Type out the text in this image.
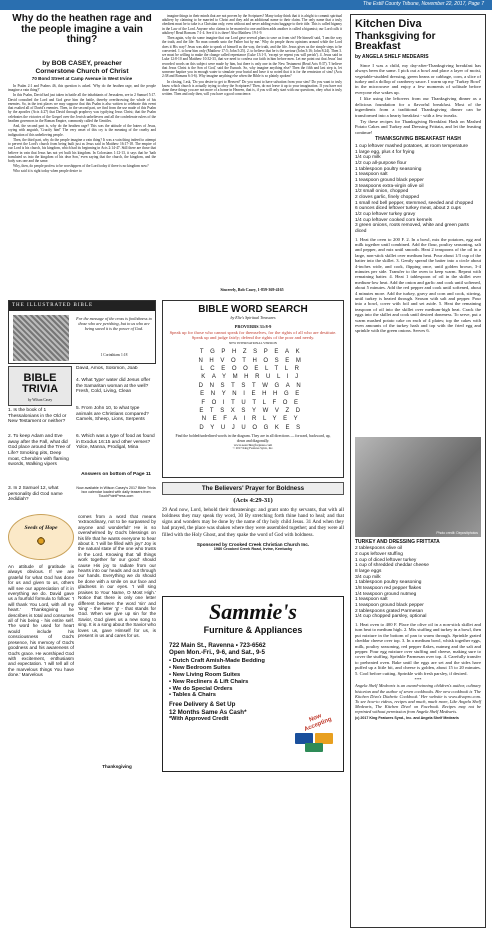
The Estill County Tribune, November 22, 2017, Page 7
Why do the heathen rage and the people imagine a vain thing?
by BOB CASEY, preacher
Cornerstone Church of Christ
70 Bond Street at Camp Avenue in West Irvine

In Psalm 2:1 and Psalms 46, this question is asked. 'Why do the heathen rage, and the people imagine a vain thing?'

In this Psalm, David had just taken in battle all the inhabitants of Jerusalem, see in 2 Samuel 5:17. David consulted the Lord and God gave him the battle, thereby overthrowing the whole of his enemies. So, in the text places we may suppose that this Psalm is also written to celebrate this event that exalted all of David's enemies. Then, in the second part, we find from the use made of this Psalm by the apostles (Acts 4:27) that David through prophecy was typifying Jesus Christ; that the Psalm celebrates the victories of the Gospel over the Jewish unbelievers and all the confederate rulers of the heathen governors in the Roman Empire, commonly called the Gentiles.

And, the second part is, why do the heathen rage? This was the attitude of the haters of Jesus, crying with anguish, 'Crucify him!' The very onset of this cry is the meaning of the cruelty and indignation of this unbelieving people.

Then, the third part, why do the people imagine a vain thing? It was a vain thing indeed to attempt to pervert the Lord's church from being built just as Jesus said in Matthew 16:17-18. The empire of our Lord is his church, his kingdom, which had its beginning in Acts 2:14-47. Still there are those that believe in vain that Jesus has not yet built his kingdom. In Colossians 1:12-13, it says that he 'hath translated us into the kingdom of his dear Son,' even saying that the church, the kingdom, and the body was one and the same.

Why, then, do people profess to be worshippers of the Lord today if there is no kingdom now?

Who said it is right today when people desire to

imagine things in their minds that are not proven by the Scriptures? Many today think that it is alright to commit spiritual adultery by claiming to be married to Christ and they add an additional name to their claim. The only name that a truly obedient must be to take is a Christian only, even without and never adding extra baggage to their title. This is called bigamy in the Law of the Lord. Anyone who claims to be married to one and then adds another is called a bigamist; our Lord calls it adultery! Read Romans 7:1-4. See if it is there! Also Matthew 19:1-9.

Then again, why do some imagine that our Lord gave several plans to save us from sin? He himself said, 'I am the way the truth, and the life: No man cometh unto the Father but by me.' Why do people throw opinions around while the Lord does it His way? Jesus was able to speak of himself as the way, the truth, and the life. Jesus gives us the simple steps to be converted. 1. to hear him only (Matthew 17:5; John 5:25). 2. to believe that he is the saviour (John 3:16; John 8:24). Then 3. we must be willing to make the change called repentance (Luke 13:1-5, 'except ye repent you will perish'). 4. Jesus said in Luke 12:8-10 and Matthew 10:32-33, that we need to confess our faith in him before men. Let me point out that Jesus' last recorded words on this subject were made by him, but there is only one in the New Testament (Read Acts 8:37). 'I believe that Jesus Christ is the Son of God,' said the Eunuch. So, why imagine anything else? Then the fifth and last step is, let someone baptize you in enough water to simulate your burial and have it so noted that it is for the remission of sins! (Acts 2:38 and Romans 6:3-6). Why imagine anything else when the Bible is so plainly spoken?

In closing, I ask, 'Do you desire to get to Heaven?' Do you want to have salvation from your sins? Do you want to truly know which church is actually trying to obey the Scriptures? Then, do not leave it up to your imagination. If you have not done these things you are not more of a home in Heaven, that is, if you will only start with our questions, obey what is truly written. Then and only then, will you have a good conscience.

Sincerely, Bob Casey, 1-859-369-4165
THE ILLUSTRATED BIBLE
For the message of the cross is foolishness to those who are perishing, but to us who are being saved it is the power of God.
1 Corinthians 1:18
BIBLE TRIVIA
by Wilson Casey
1. Is the book of 1 Thessalonians in the Old or New Testament or neither?
2. To keep Adam and Eve away after the Fall, what did God place around the Tree of Life? Smoking pits, Deep moat, Cherubim with flaming swords, Walking vipers
3. In 2 Samuel 12, what personality did God name Jedidiah?
David, Amos, Solomon, Joab
4. What 'type' water did Jesus offer the Samaritan woman at the well? Fresh, Cold, Living, Clean
5. From John 10, to what type animals are Christians compared? Camels, Sheep, Lions, Serpents
6. Which was a type of food as found in Exodus 16:15 and other verses? Yolce, Manna, Prodigal, Mina
Answers on bottom of Page 11
Now available in Wilson Casey's 2017 Bible Trivia box calendar loaded with daily teasers from TouchPointPress.com
Seeds of Hope
An attitude of gratitude is always obvious. If we are grateful for what God has done for us and given to us, others will see our appreciation of it in everything we do. David gave us a fourfold formula to follow: 'I will thank You Lord, with all my heart.' Thanksgiving he describes is total and consumes all of his being - his entire self. The word he used for heart would include his consciousness of God's presence, his memory of God's goodness and his awareness of God's grace. He worshiped God with excitement, enthusiasm and expectation. 'I will tell all of the marvelous things You have done.' Marvelous
comes from a word that means 'extraordinary, not to be surpassed by anyone and wonderful!' He is so overwhelmed by God's blessings on his life that he wants everyone to hear about it. 'I will be filled with joy!' Joy is the natural state of the one who trusts in the Lord. Knowing that 'all things work together for our good' should cause His joy to radiate from our hearts into our heads and out through our hands. Everything we do should be done with a smile on our face and gladness in our eyes. 'I will sing praises to Your Name, O Most High.' Notice that there is only one letter different between the word 'sin' and 'sing' - the letter 'g' - that stands for God. When we give up sin for the Savior, God gives us a new song to sing. It is a song about the Savior who loves us, gave Himself for us, is present in us and cares for us.
Thanksgiving
BIBLE WORD SEARCH
by Elie's Spiritual Treasures
PROVERBS 31:8-9
Speak up for those who cannot speak for themselves, for the rights of all who are destitute. Speak up and judge fairly; defend the rights of the poor and needy.
NEW INTERNATIONAL VERSION
TGPHZSPEAK
NHVOTHOSEM
LCEOOELTLR
KAYMHRULIJ
DNSTSTWGAN
ENYNIEHHGE
FOITUTLFOE
ETSXSYWVZD
NEFAIRLYEY
DYUJUOGKES
Find the bolded/underlined words in the diagram. They are in all directions — forward, backward, up, down and diagonally.
www.searchingforjesus.com
© 2017 King Features Synd., Inc.
The Believers' Prayer for Boldness
(Acts 4:29-31)
29 And now, Lord, behold their threatenings: and grant unto thy servants, that with all boldness they may speak thy word, 30 By stretching forth thine hand to heal; and that signs and wonders may be done by the name of thy holy child Jesus. 31 And when they had prayed, the place was shaken where they were assembled together; and they were all filled with the Holy Ghost, and they spake the word of God with boldness.
Sponsored by Crooked Creek Christian Church Inc.
1980 Crooked Creek Road, Irvine, Kentucky
Sammie's
Furniture & Appliances
722 Main St., Ravenna • 723-6562
Open Mon.-Fri., 9-6, and Sat., 9-5
• Dutch Craft Amish-Made Bedding
• New Bedroom Suites
• New Living Room Suites
• New Recliners & Lift Chairs
• We do Special Orders
• Tables & Chairs
Free Delivery & Set Up
12 Months Same As Cash*
*With Approved Credit	Now Accepting
Kitchen Diva
Thanksgiving for Breakfast
by ANGELA SHELF MEDEARIS

Since I was a child, my day-after-Thanksgiving breakfast has always been the same. I pick out a bowl and place a layer of moist, vegetable-studded dressing, green beans or cabbage, corn, a slice of turkey and a dollop of cranberry sauce. I warm up my 'Turkey Bowl' in the microwave and enjoy a few moments of solitude before everyone else wakes up.

I like using the leftovers from our Thanksgiving dinner as a delicious foundation for a flavorful breakfast. Most of the ingredients from a traditional Thanksgiving dinner can be transformed into a hearty breakfast - with a few tweaks.

Try these recipes for Thanksgiving Breakfast Hash on Mashed Potato Cakes and Turkey and Dressing Frittata, and let the feasting continue!

THANKSGIVING BREAKFAST HASH
1 cup leftover mashed potatoes, at room temperature
1 large egg, plus 4 for frying
1/4 cup milk
1/2 cup all-purpose flour
1 tablespoon poultry seasoning
1 teaspoon salt
1 teaspoon ground black pepper
3 teaspoons extra-virgin olive oil
1/2 small onion, chopped
2 cloves garlic, finely chopped
1 small red bell pepper, stemmed, seeded and chopped
6 ounces diced leftover turkey meat, about 2 cups
1/2 cup leftover turkey gravy
1/4 cup leftover cooked corn kernels
3 green onions, roots removed, white and green parts diced
1. Heat the oven to 200 F. 2. In a bowl, mix the potatoes, egg and milk together until combined. Add the flour, poultry seasoning, salt and pepper, and mix until smooth. Heat 2 teaspoons of the oil in a large, non-stick skillet over medium heat. Pour about 1/3 cup of the batter into the skillet. 3. Gently spread the batter into a circle about 4-inches wide, and cook, flipping once, until golden brown, 3-4 minutes per side. Transfer to the oven to keep warm. Repeat with remaining batter. 4. Heat 1 tablespoon of oil in the skillet over medium-low heat. Add the onion and garlic and cook until softened, about 5 minutes. Add the red pepper and cook until softened, about 4 minutes more. Add the turkey, gravy and corn and cook, stirring, until turkey is heated through. Season with salt and pepper. Pour into a bowl, cover with foil and set aside. 5. Heat the remaining teaspoon of oil into the skillet over medium-high heat. Crack the eggs into the skillet and cook until desired doneness. To serve, put a warm mashed potato cake on each of 4 plates; top the cakes with even amounts of the turkey hash and top with the fried egg and sprinkle with the green onions. Serves 6.
Photo credit: Depositphotos
TURKEY AND DRESSING FRITTATA
2 tablespoons olive oil
2 cups leftover stuffing
1 cup of diced leftover turkey
1 cup of shredded cheddar cheese
8 large eggs
3/4 cup milk
1 tablespoon poultry seasoning
1/8 teaspoon red pepper flakes
1/4 teaspoon ground nutmeg
1 teaspoon salt
1 teaspoon ground black pepper
2 tablespoons grated Parmesan
1/4 cup chopped parsley, optional
1. Heat oven to 400 F. Place the olive oil in a non-stick skillet and turn heat to medium high. 2. Mix stuffing and turkey in a bowl, then put mixture in the bottom of pan to warm through. Sprinkle grated cheddar cheese over top. 3. In a medium bowl, whisk together eggs, milk, poultry seasoning, red pepper flakes, nutmeg and the salt and pepper. Pour egg mixture over stuffing and cheese, making sure to cover the stuffing. Sprinkle Parmesan over top. 4. Carefully transfer to preheated oven. Bake until the eggs are set and the sides have puffed up a little bit, and cheese is golden, about 15 to 20 minutes. 5. Cool before cutting. Sprinkle with fresh parsley, if desired.
***
Angela Shelf Medearis is an award-winning children's author, culinary historian and the author of seven cookbooks. Her new cookbook is 'The Kitchen Diva's Diabetic Cookbook.' Her website is www.divapro.com. To see how-to videos, recipes and much, much more, Like Angela Shelf Medearis, The Kitchen Diva! on Facebook. Recipes may not be reprinted without permission from Angela Shelf Medearis.
(c) 2017 King Features Synd., Inc. and Angela Shelf Medearis
